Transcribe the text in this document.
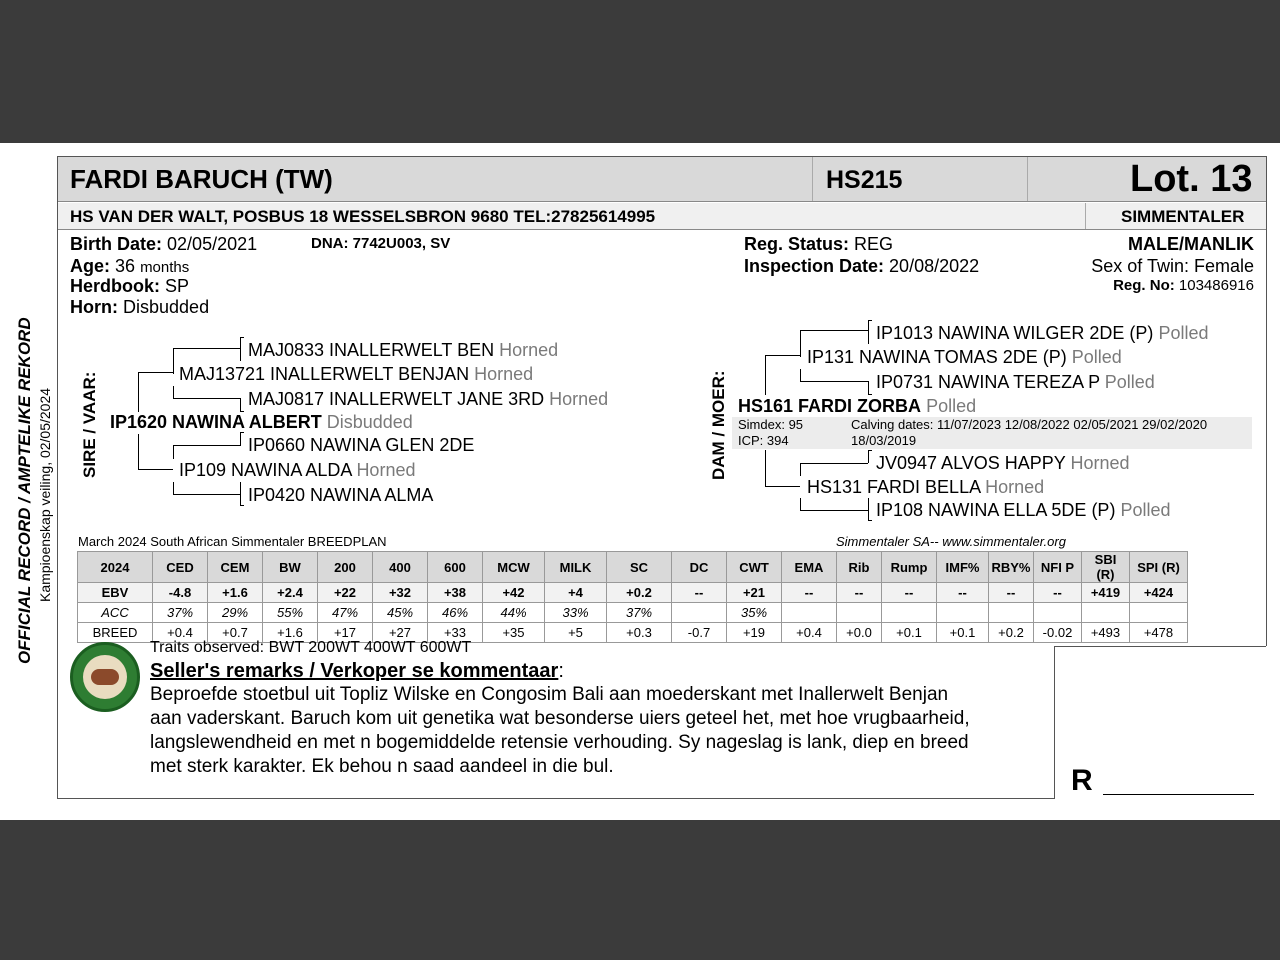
FARDI BARUCH (TW)	HS215	Lot. 13
HS VAN DER WALT, POSBUS 18 WESSELSBRON 9680 TEL:27825614995	SIMMENTALER
Birth Date: 02/05/2021	DNA: 7742U003, SV
Age: 36 months
Herdbook: SP
Horn: Disbudded
Reg. Status: REG
Inspection Date: 20/08/2022
MALE/MANLIK
Sex of Twin: Female
Reg. No: 103486916
SIRE / VAAR:
MAJ0833 INALLERWELT BEN Horned
MAJ13721 INALLERWELT BENJAN Horned
MAJ0817 INALLERWELT JANE 3RD Horned
IP1620 NAWINA ALBERT Disbudded
IP0660 NAWINA GLEN 2DE
IP109 NAWINA ALDA Horned
IP0420 NAWINA ALMA
DAM / MOER:
IP1013 NAWINA WILGER 2DE (P) Polled
IP131 NAWINA TOMAS 2DE (P) Polled
IP0731 NAWINA TEREZA P Polled
HS161 FARDI ZORBA Polled
Simdex: 95
ICP: 394
Calving dates: 11/07/2023 12/08/2022 02/05/2021 29/02/2020
18/03/2019
JV0947 ALVOS HAPPY Horned
HS131 FARDI BELLA Horned
IP108 NAWINA ELLA 5DE (P) Polled
March 2024 South African Simmentaler BREEDPLAN	Simmentaler SA-- www.simmentaler.org
2024	CED	CEM	BW	200	400	600	MCW	MILK	SC	DC	CWT	EMA	Rib	Rump	IMF%	RBY%	NFI P	SBI (R)	SPI (R)
EBV	-4.8	+1.6	+2.4	+22	+32	+38	+42	+4	+0.2	--	+21	--	--	--	--	--	--	+419	+424
ACC	37%	29%	55%	47%	45%	46%	44%	33%	37%		35%								
BREED	+0.4	+0.7	+1.6	+17	+27	+33	+35	+5	+0.3	-0.7	+19	+0.4	+0.0	+0.1	+0.1	+0.2	-0.02	+493	+478
OFFICIAL RECORD / AMPTELIKE REKORD Kampioenskap veiling, 02/05/2024
Traits observed: BWT 200WT 400WT 600WT
Seller's remarks / Verkoper se kommentaar:
Beproefde stoetbul uit Topliz Wilske en Congosim Bali aan moederskant met Inallerwelt Benjan
aan vaderskant. Baruch kom uit genetika wat besonderse uiers geteel het, met hoe vrugbaarheid,
langslewendheid en met n bogemiddelde retensie verhouding. Sy nageslag is lank, diep en breed
met sterk karakter. Ek behou n saad aandeel in die bul.	R
